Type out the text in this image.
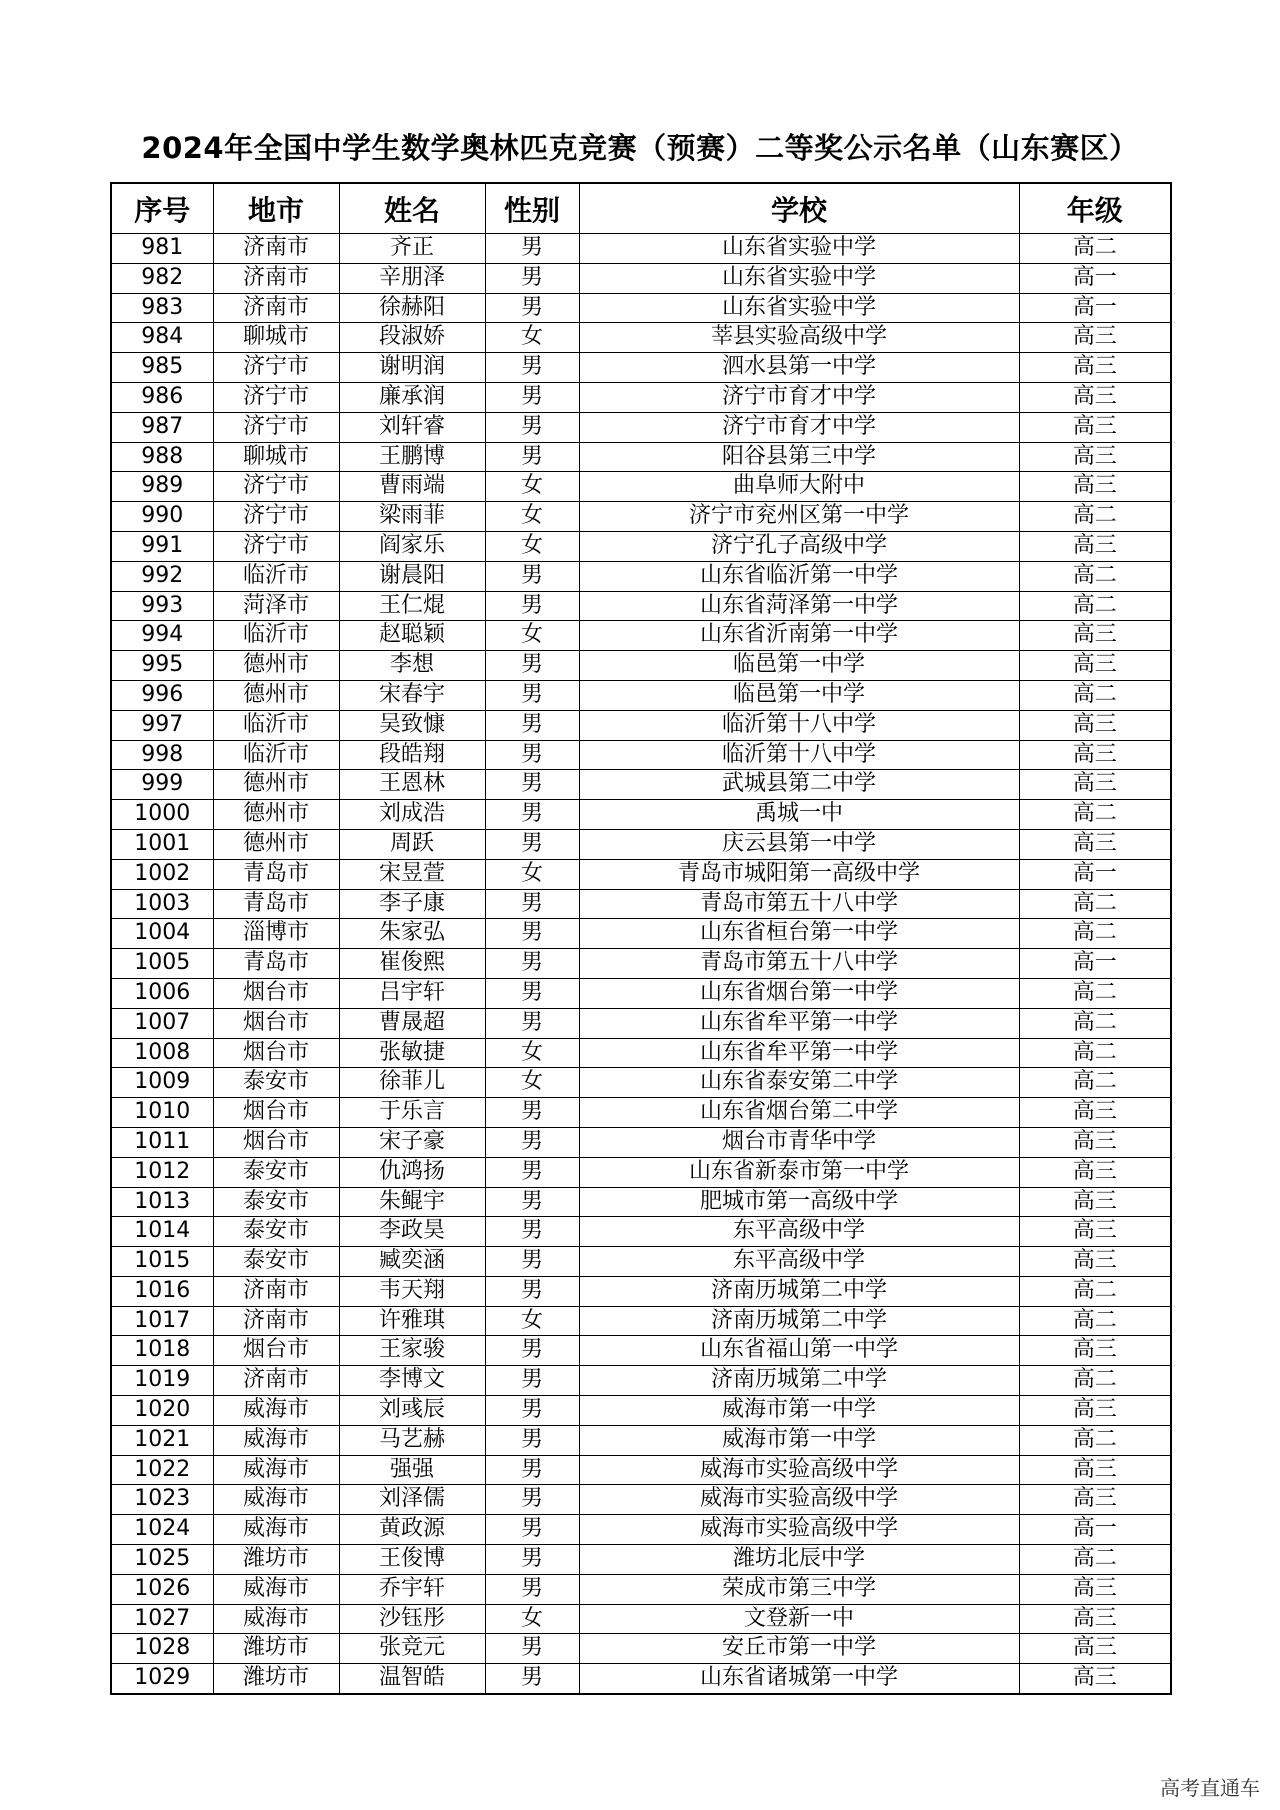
2024年全国中学生数学奥林匹克竞赛（预赛）二等奖公示名单（山东赛区）
序号	地市	姓名	性别	学校	年级
981	济南市	齐正	男	山东省实验中学	高二
982	济南市	辛朋泽	男	山东省实验中学	高一
983	济南市	徐赫阳	男	山东省实验中学	高一
984	聊城市	段淑娇	女	莘县实验高级中学	高三
985	济宁市	谢明润	男	泗水县第一中学	高三
986	济宁市	廉承润	男	济宁市育才中学	高三
987	济宁市	刘轩睿	男	济宁市育才中学	高三
988	聊城市	王鹏博	男	阳谷县第三中学	高三
989	济宁市	曹雨端	女	曲阜师大附中	高三
990	济宁市	梁雨菲	女	济宁市兖州区第一中学	高二
991	济宁市	阎家乐	女	济宁孔子高级中学	高三
992	临沂市	谢晨阳	男	山东省临沂第一中学	高二
993	菏泽市	王仁焜	男	山东省菏泽第一中学	高二
994	临沂市	赵聪颖	女	山东省沂南第一中学	高三
995	德州市	李想	男	临邑第一中学	高三
996	德州市	宋春宇	男	临邑第一中学	高二
997	临沂市	吴致慷	男	临沂第十八中学	高三
998	临沂市	段皓翔	男	临沂第十八中学	高三
999	德州市	王恩林	男	武城县第二中学	高三
1000	德州市	刘成浩	男	禹城一中	高二
1001	德州市	周跃	男	庆云县第一中学	高三
1002	青岛市	宋昱萱	女	青岛市城阳第一高级中学	高一
1003	青岛市	李子康	男	青岛市第五十八中学	高二
1004	淄博市	朱家弘	男	山东省桓台第一中学	高二
1005	青岛市	崔俊熙	男	青岛市第五十八中学	高一
1006	烟台市	吕宇轩	男	山东省烟台第一中学	高二
1007	烟台市	曹晟超	男	山东省牟平第一中学	高二
1008	烟台市	张敏捷	女	山东省牟平第一中学	高二
1009	泰安市	徐菲儿	女	山东省泰安第二中学	高二
1010	烟台市	于乐言	男	山东省烟台第二中学	高三
1011	烟台市	宋子豪	男	烟台市青华中学	高三
1012	泰安市	仇鸿扬	男	山东省新泰市第一中学	高三
1013	泰安市	朱鲲宇	男	肥城市第一高级中学	高三
1014	泰安市	李政昊	男	东平高级中学	高三
1015	泰安市	臧奕涵	男	东平高级中学	高三
1016	济南市	韦天翔	男	济南历城第二中学	高二
1017	济南市	许雅琪	女	济南历城第二中学	高二
1018	烟台市	王家骏	男	山东省福山第一中学	高三
1019	济南市	李博文	男	济南历城第二中学	高二
1020	威海市	刘彧辰	男	威海市第一中学	高三
1021	威海市	马艺赫	男	威海市第一中学	高二
1022	威海市	强强	男	威海市实验高级中学	高三
1023	威海市	刘泽儒	男	威海市实验高级中学	高三
1024	威海市	黄政源	男	威海市实验高级中学	高一
1025	潍坊市	王俊博	男	潍坊北辰中学	高二
1026	威海市	乔宇轩	男	荣成市第三中学	高三
1027	威海市	沙钰彤	女	文登新一中	高三
1028	潍坊市	张竞元	男	安丘市第一中学	高三
1029	潍坊市	温智皓	男	山东省诸城第一中学	高三
高考直通车
